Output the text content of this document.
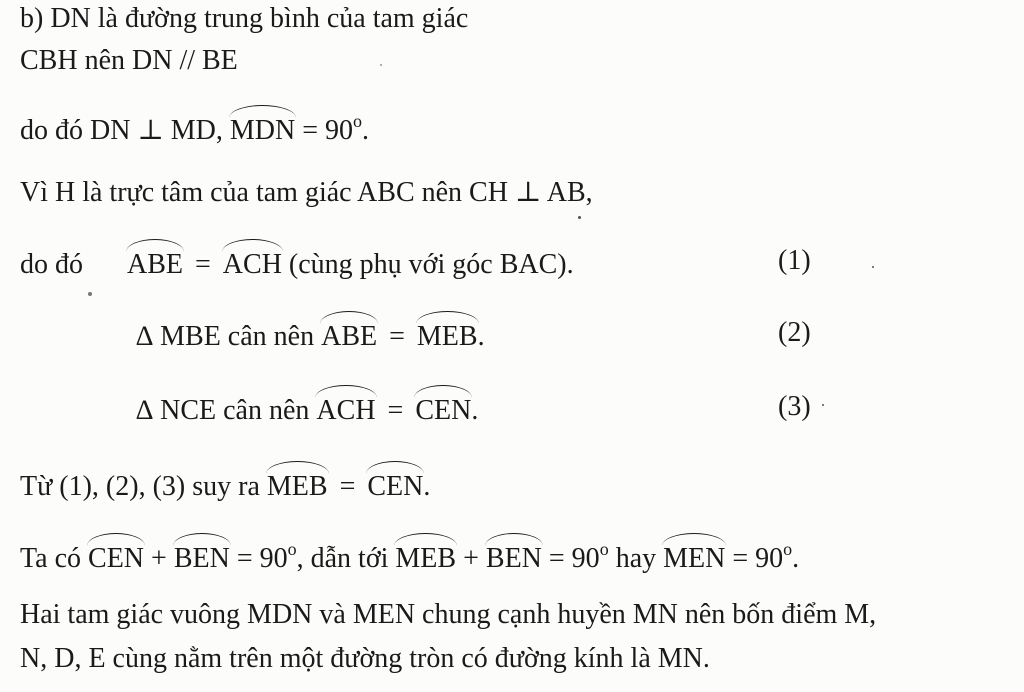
b) DN là đường trung bình của tam giác
CBH nên DN // BE
do đó DN ⊥ MD, MDN = $90^o$.
Vì H là trực tâm của tam giác ABC nên CH ⊥ AB,
do đó ABE = ACH (cùng phụ với góc BAC).	(1)
∆ MBE cân nên ABE = MEB.	(2)
∆ NCE cân nên ACH = CEN.	(3)
Từ (1), (2), (3) suy ra MEB = CEN.
Ta có CEN + BEN = $90^o$, dẫn tới MEB + BEN = $90^o$ hay MEN = $90^o$.
Hai tam giác vuông MDN và MEN chung cạnh huyền MN nên bốn điểm M,
N, D, E cùng nằm trên một đường tròn có đường kính là MN.
